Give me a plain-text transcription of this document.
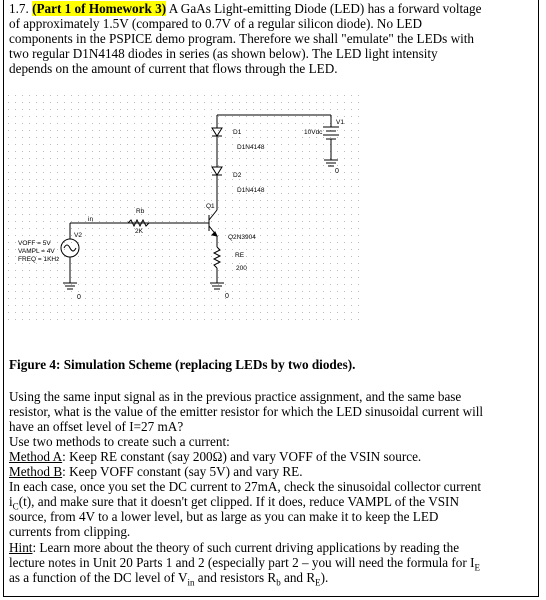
1.7. (Part 1 of Homework 3) A GaAs Light-emitting Diode (LED) has a forward voltage

of approximately 1.5V (compared to 0.7V of a regular silicon diode). No LED

components in the PSPICE demo program. Therefore we shall "emulate" the LEDs with

two regular D1N4148 diodes in series (as shown below). The LED light intensity

depends on the amount of current that flows through the LED.

V1
10Vdc
0
D1
D1N4148
D2
D1N4148
Q1
Q2N3904
RE
200
0
Rb
2K
in
V2
VOFF = 5V
VAMPL = 4V
FREQ = 1KHz
0

Figure 4: Simulation Scheme (replacing LEDs by two diodes).

Using the same input signal as in the previous practice assignment, and the same base

resistor, what is the value of the emitter resistor for which the LED sinusoidal current will

have an offset level of I=27 mA?

Use two methods to create such a current:

Method A: Keep RE constant (say 200Ω) and vary VOFF of the VSIN source.

Method B: Keep VOFF constant (say 5V) and vary RE.

In each case, once you set the DC current to 27mA, check the sinusoidal collector current

$i_C(t)$, and make sure that it doesn't get clipped. If it does, reduce VAMPL of the VSIN

source, from 4V to a lower level, but as large as you can make it to keep the LED

currents from clipping.

Hint: Learn more about the theory of such current driving applications by reading the

lecture notes in Unit 20 Parts 1 and 2 (especially part 2 – you will need the formula for $I_E$

as a function of the DC level of $V_{in}$ and resistors $R_b$ and $R_E$).
